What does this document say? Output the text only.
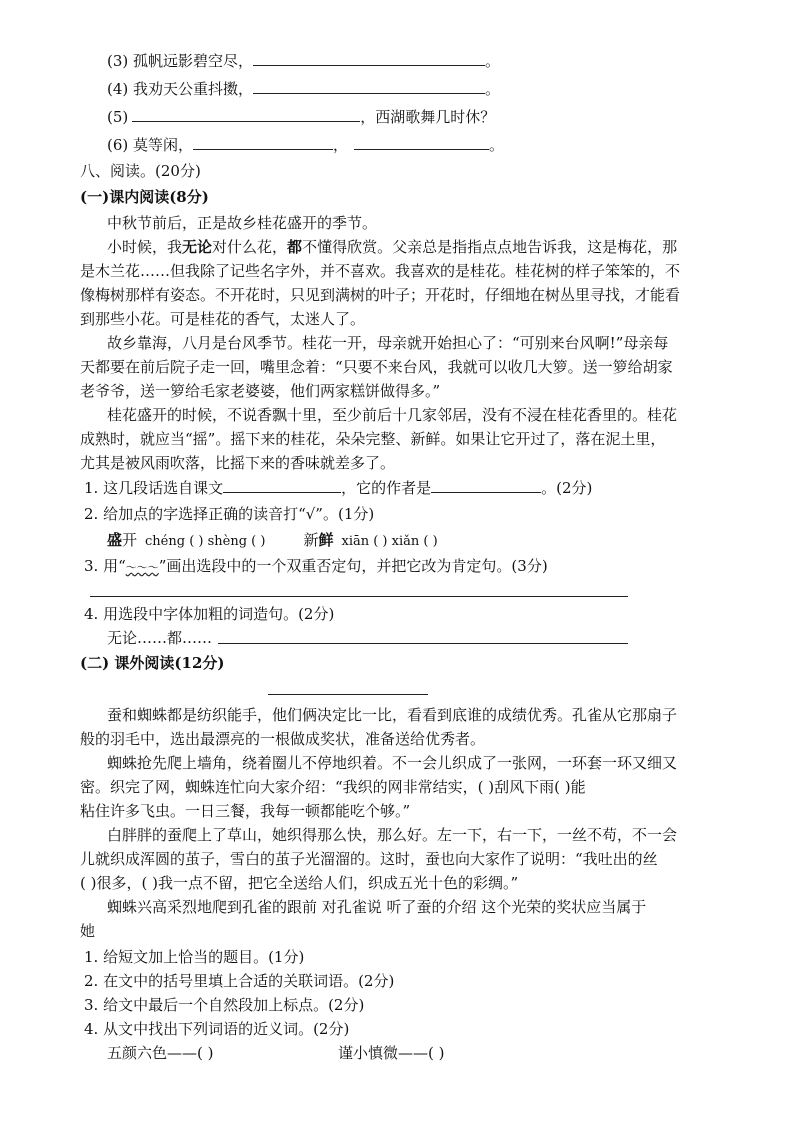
(3) 孤帆远影碧空尽，	。
(4) 我劝天公重抖擞，	。
(5)	，西湖歌舞几时休？
(6) 莫等闲，	，	。
八、阅读。(20分)
(一)课内阅读(8分)
中秋节前后，正是故乡桂花盛开的季节。
小时候，我无论对什么花，都不懂得欣赏。父亲总是指指点点地告诉我，这是梅花，那
是木兰花……但我除了记些名字外，并不喜欢。我喜欢的是桂花。桂花树的样子笨笨的，不
像梅树那样有姿态。不开花时，只见到满树的叶子；开花时，仔细地在树丛里寻找，才能看
到那些小花。可是桂花的香气，太迷人了。
故乡靠海，八月是台风季节。桂花一开，母亲就开始担心了：“可别来台风啊!”母亲每
天都要在前后院子走一回，嘴里念着：“只要不来台风，我就可以收几大箩。送一箩给胡家
老爷爷，送一箩给毛家老婆婆，他们两家糕饼做得多。”
桂花盛开的时候，不说香飘十里，至少前后十几家邻居，没有不浸在桂花香里的。桂花
成熟时，就应当“摇”。摇下来的桂花，朵朵完整、新鲜。如果让它开过了，落在泥土里，
尤其是被风雨吹落，比摇下来的香味就差多了。
1. 这几段话选自课文	，它的作者是	。(2分)
2. 给加点的字选择正确的读音打“√”。(1分)
盛开 chéng ( ) shèng ( )	新鲜 xiān ( ) xiǎn ( )
3. 用“～～～”画出选段中的一个双重否定句，并把它改为肯定句。(3分)
4. 用选段中字体加粗的词造句。(2分)
无论……都……
(二) 课外阅读(12分)
蚕和蜘蛛都是纺织能手，他们俩决定比一比，看看到底谁的成绩优秀。孔雀从它那扇子
般的羽毛中，选出最漂亮的一根做成奖状，准备送给优秀者。
蜘蛛抢先爬上墙角，绕着圈儿不停地织着。不一会儿织成了一张网，一环套一环又细又
密。织完了网，蜘蛛连忙向大家介绍：“我织的网非常结实，( )刮风下雨( )能
粘住许多飞虫。一日三餐，我每一顿都能吃个够。”
白胖胖的蚕爬上了草山，她织得那么快，那么好。左一下，右一下，一丝不苟，不一会
儿就织成浑圆的茧子，雪白的茧子光溜溜的。这时，蚕也向大家作了说明：“我吐出的丝
( )很多，( )我一点不留，把它全送给人们，织成五光十色的彩绸。”
蜘蛛兴高采烈地爬到孔雀的跟前 对孔雀说 听了蚕的介绍 这个光荣的奖状应当属于
她
1. 给短文加上恰当的题目。(1分)
2. 在文中的括号里填上合适的关联词语。(2分)
3. 给文中最后一个自然段加上标点。(2分)
4. 从文中找出下列词语的近义词。(2分)
五颜六色——( )	谨小慎微——( )
